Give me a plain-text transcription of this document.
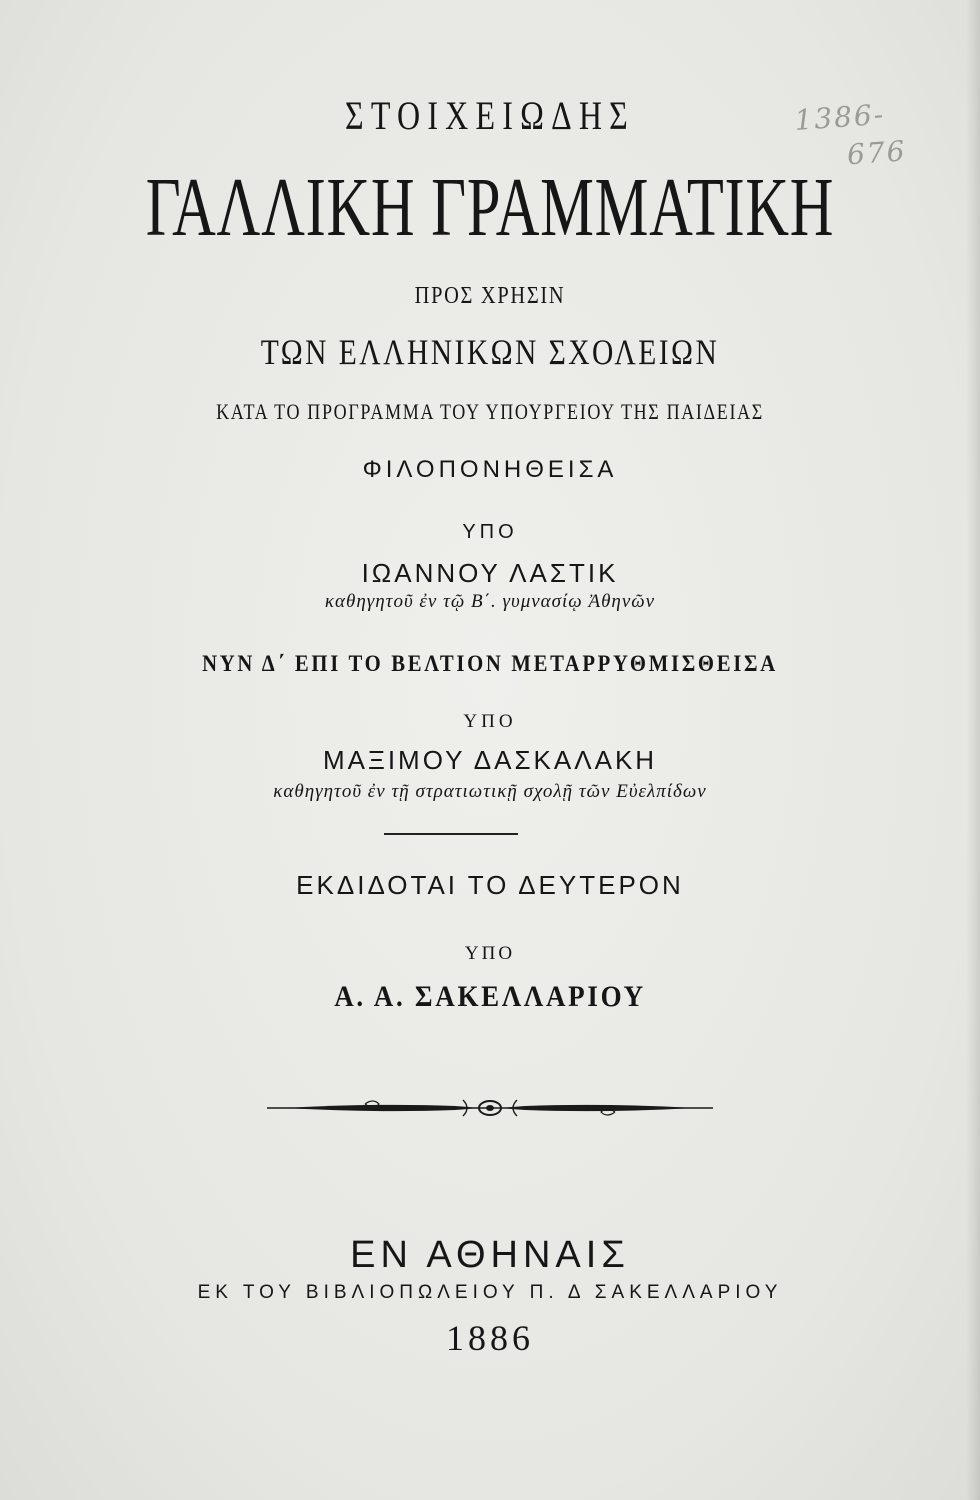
1386-
676
ΣΤΟΙΧΕΙΩΔΗΣ
ΓΑΛΛΙΚΗ ΓΡΑΜΜΑΤΙΚΗ
ΠΡΟΣ ΧΡΗΣΙΝ
ΤΩΝ ΕΛΛΗΝΙΚΩΝ ΣΧΟΛΕΙΩΝ
ΚΑΤΑ ΤΟ ΠΡΟΓΡΑΜΜΑ ΤΟΥ ΥΠΟΥΡΓΕΙΟΥ ΤΗΣ ΠΑΙΔΕΙΑΣ
ΦΙΛΟΠΟΝΗΘΕΙΣΑ
ΥΠΟ
ΙΩΑΝΝΟΥ ΛΑΣΤΙΚ
καθηγητοῦ ἐν τῷ Β΄. γυμνασίῳ Ἀθηνῶν
ΝΥΝ Δ΄ ΕΠΙ ΤΟ ΒΕΛΤΙΟΝ ΜΕΤΑΡΡΥΘΜΙΣΘΕΙΣΑ
ΥΠΟ
ΜΑΞΙΜΟΥ ΔΑΣΚΑΛΑΚΗ
καθηγητοῦ ἐν τῇ στρατιωτικῇ σχολῇ τῶν Εὐελπίδων
ΕΚΔΙΔΟΤΑΙ ΤΟ ΔΕΥΤΕΡΟΝ
ΥΠΟ
Α. Α. ΣΑΚΕΛΛΑΡΙΟΥ
ΕΝ ΑΘΗΝΑΙΣ
ΕΚ ΤΟΥ ΒΙΒΛΙΟΠΩΛΕΙΟΥ Π. Δ ΣΑΚΕΛΛΑΡΙΟΥ
1886
